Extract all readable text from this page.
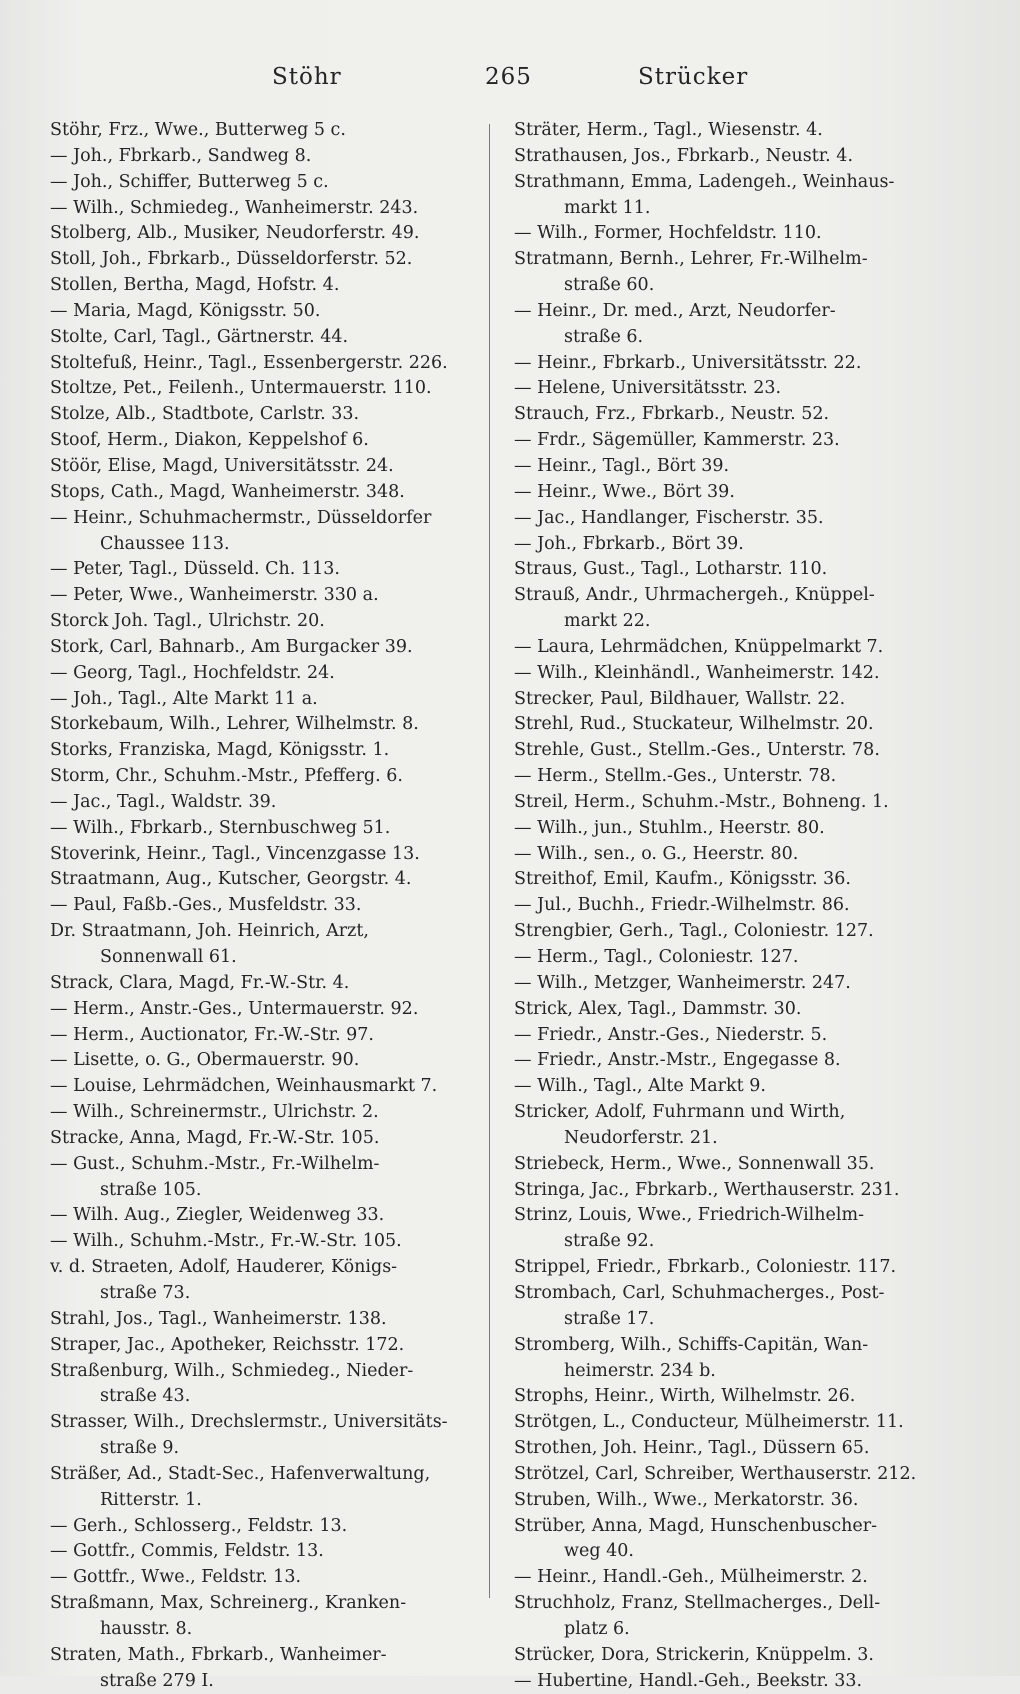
Stöhr	265	Strücker
Stöhr, Frz., Wwe., Butterweg 5 c.
— Joh., Fbrkarb., Sandweg 8.
— Joh., Schiffer, Butterweg 5 c.
— Wilh., Schmiedeg., Wanheimerstr. 243.
Stolberg, Alb., Musiker, Neudorferstr. 49.
Stoll, Joh., Fbrkarb., Düsseldorferstr. 52.
Stollen, Bertha, Magd, Hofstr. 4.
— Maria, Magd, Königsstr. 50.
Stolte, Carl, Tagl., Gärtnerstr. 44.
Stoltefuß, Heinr., Tagl., Essenbergerstr. 226.
Stoltze, Pet., Feilenh., Untermauerstr. 110.
Stolze, Alb., Stadtbote, Carlstr. 33.
Stoof, Herm., Diakon, Keppelshof 6.
Stöör, Elise, Magd, Universitätsstr. 24.
Stops, Cath., Magd, Wanheimerstr. 348.
— Heinr., Schuhmachermstr., Düsseldorfer
Chaussee 113.
— Peter, Tagl., Düsseld. Ch. 113.
— Peter, Wwe., Wanheimerstr. 330 a.
Storck Joh. Tagl., Ulrichstr. 20.
Stork, Carl, Bahnarb., Am Burgacker 39.
— Georg, Tagl., Hochfeldstr. 24.
— Joh., Tagl., Alte Markt 11 a.
Storkebaum, Wilh., Lehrer, Wilhelmstr. 8.
Storks, Franziska, Magd, Königsstr. 1.
Storm, Chr., Schuhm.-Mstr., Pfefferg. 6.
— Jac., Tagl., Waldstr. 39.
— Wilh., Fbrkarb., Sternbuschweg 51.
Stoverink, Heinr., Tagl., Vincenzgasse 13.
Straatmann, Aug., Kutscher, Georgstr. 4.
— Paul, Faßb.-Ges., Musfeldstr. 33.
Dr. Straatmann, Joh. Heinrich, Arzt,
Sonnenwall 61.
Strack, Clara, Magd, Fr.-W.-Str. 4.
— Herm., Anstr.-Ges., Untermauerstr. 92.
— Herm., Auctionator, Fr.-W.-Str. 97.
— Lisette, o. G., Obermauerstr. 90.
— Louise, Lehrmädchen, Weinhausmarkt 7.
— Wilh., Schreinermstr., Ulrichstr. 2.
Stracke, Anna, Magd, Fr.-W.-Str. 105.
— Gust., Schuhm.-Mstr., Fr.-Wilhelm-
straße 105.
— Wilh. Aug., Ziegler, Weidenweg 33.
— Wilh., Schuhm.-Mstr., Fr.-W.-Str. 105.
v. d. Straeten, Adolf, Hauderer, Königs-
straße 73.
Strahl, Jos., Tagl., Wanheimerstr. 138.
Straper, Jac., Apotheker, Reichsstr. 172.
Straßenburg, Wilh., Schmiedeg., Nieder-
straße 43.
Strasser, Wilh., Drechslermstr., Universitäts-
straße 9.
Sträßer, Ad., Stadt-Sec., Hafenverwaltung,
Ritterstr. 1.
— Gerh., Schlosserg., Feldstr. 13.
— Gottfr., Commis, Feldstr. 13.
— Gottfr., Wwe., Feldstr. 13.
Straßmann, Max, Schreinerg., Kranken-
hausstr. 8.
Straten, Math., Fbrkarb., Wanheimer-
straße 279 I.
Sträter, Herm., Tagl., Wiesenstr. 4.
Strathausen, Jos., Fbrkarb., Neustr. 4.
Strathmann, Emma, Ladengeh., Weinhaus-
markt 11.
— Wilh., Former, Hochfeldstr. 110.
Stratmann, Bernh., Lehrer, Fr.-Wilhelm-
straße 60.
— Heinr., Dr. med., Arzt, Neudorfer-
straße 6.
— Heinr., Fbrkarb., Universitätsstr. 22.
— Helene, Universitätsstr. 23.
Strauch, Frz., Fbrkarb., Neustr. 52.
— Frdr., Sägemüller, Kammerstr. 23.
— Heinr., Tagl., Bört 39.
— Heinr., Wwe., Bört 39.
— Jac., Handlanger, Fischerstr. 35.
— Joh., Fbrkarb., Bört 39.
Straus, Gust., Tagl., Lotharstr. 110.
Strauß, Andr., Uhrmachergeh., Knüppel-
markt 22.
— Laura, Lehrmädchen, Knüppelmarkt 7.
— Wilh., Kleinhändl., Wanheimerstr. 142.
Strecker, Paul, Bildhauer, Wallstr. 22.
Strehl, Rud., Stuckateur, Wilhelmstr. 20.
Strehle, Gust., Stellm.-Ges., Unterstr. 78.
— Herm., Stellm.-Ges., Unterstr. 78.
Streil, Herm., Schuhm.-Mstr., Bohneng. 1.
— Wilh., jun., Stuhlm., Heerstr. 80.
— Wilh., sen., o. G., Heerstr. 80.
Streithof, Emil, Kaufm., Königsstr. 36.
— Jul., Buchh., Friedr.-Wilhelmstr. 86.
Strengbier, Gerh., Tagl., Coloniestr. 127.
— Herm., Tagl., Coloniestr. 127.
— Wilh., Metzger, Wanheimerstr. 247.
Strick, Alex, Tagl., Dammstr. 30.
— Friedr., Anstr.-Ges., Niederstr. 5.
— Friedr., Anstr.-Mstr., Engegasse 8.
— Wilh., Tagl., Alte Markt 9.
Stricker, Adolf, Fuhrmann und Wirth,
Neudorferstr. 21.
Striebeck, Herm., Wwe., Sonnenwall 35.
Stringa, Jac., Fbrkarb., Werthauserstr. 231.
Strinz, Louis, Wwe., Friedrich-Wilhelm-
straße 92.
Strippel, Friedr., Fbrkarb., Coloniestr. 117.
Strombach, Carl, Schuhmacherges., Post-
straße 17.
Stromberg, Wilh., Schiffs-Capitän, Wan-
heimerstr. 234 b.
Strophs, Heinr., Wirth, Wilhelmstr. 26.
Strötgen, L., Conducteur, Mülheimerstr. 11.
Strothen, Joh. Heinr., Tagl., Düssern 65.
Strötzel, Carl, Schreiber, Werthauserstr. 212.
Struben, Wilh., Wwe., Merkatorstr. 36.
Strüber, Anna, Magd, Hunschenbuscher-
weg 40.
— Heinr., Handl.-Geh., Mülheimerstr. 2.
Struchholz, Franz, Stellmacherges., Dell-
platz 6.
Strücker, Dora, Strickerin, Knüppelm. 3.
— Hubertine, Handl.-Geh., Beekstr. 33.
